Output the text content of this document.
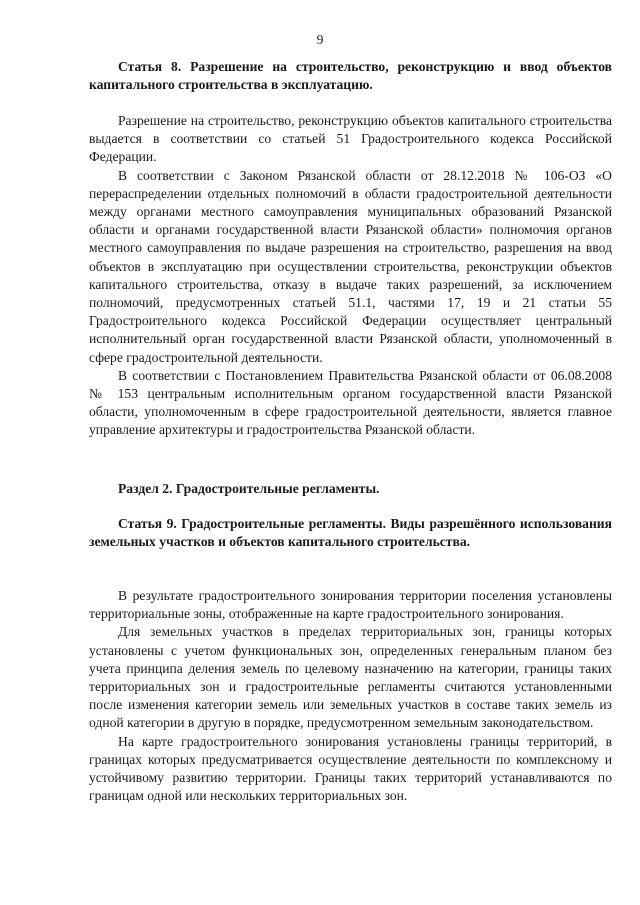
9

Статья 8. Разрешение на строительство, реконструкцию и ввод объектов капитального строительства в эксплуатацию.

Разрешение на строительство, реконструкцию объектов капитального строительства выдается в соответствии со статьей 51 Градостроительного кодекса Российской Федерации.

В соответствии с Законом Рязанской области от 28.12.2018 № 106-ОЗ «О перераспределении отдельных полномочий в области градостроительной деятельности между органами местного самоуправления муниципальных образований Рязанской области и органами государственной власти Рязанской области» полномочия органов местного самоуправления по выдаче разрешения на строительство, разрешения на ввод объектов в эксплуатацию при осуществлении строительства, реконструкции объектов капитального строительства, отказу в выдаче таких разрешений, за исключением полномочий, предусмотренных статьей 51.1, частями 17, 19 и 21 статьи 55 Градостроительного кодекса Российской Федерации осуществляет центральный исполнительный орган государственной власти Рязанской области, уполномоченный в сфере градостроительной деятельности.

В соответствии с Постановлением Правительства Рязанской области от 06.08.2008 № 153 центральным исполнительным органом государственной власти Рязанской области, уполномоченным в сфере градостроительной деятельности, является главное управление архитектуры и градостроительства Рязанской области.

Раздел 2. Градостроительные регламенты.

Статья 9. Градостроительные регламенты. Виды разрешённого использования земельных участков и объектов капитального строительства.

В результате градостроительного зонирования территории поселения установлены территориальные зоны, отображенные на карте градостроительного зонирования.

Для земельных участков в пределах территориальных зон, границы которых установлены с учетом функциональных зон, определенных генеральным планом без учета принципа деления земель по целевому назначению на категории, границы таких территориальных зон и градостроительные регламенты считаются установленными после изменения категории земель или земельных участков в составе таких земель из одной категории в другую в порядке, предусмотренном земельным законодательством.

На карте градостроительного зонирования установлены границы территорий, в границах которых предусматривается осуществление деятельности по комплексному и устойчивому развитию территории. Границы таких территорий устанавливаются по границам одной или нескольких территориальных зон.
